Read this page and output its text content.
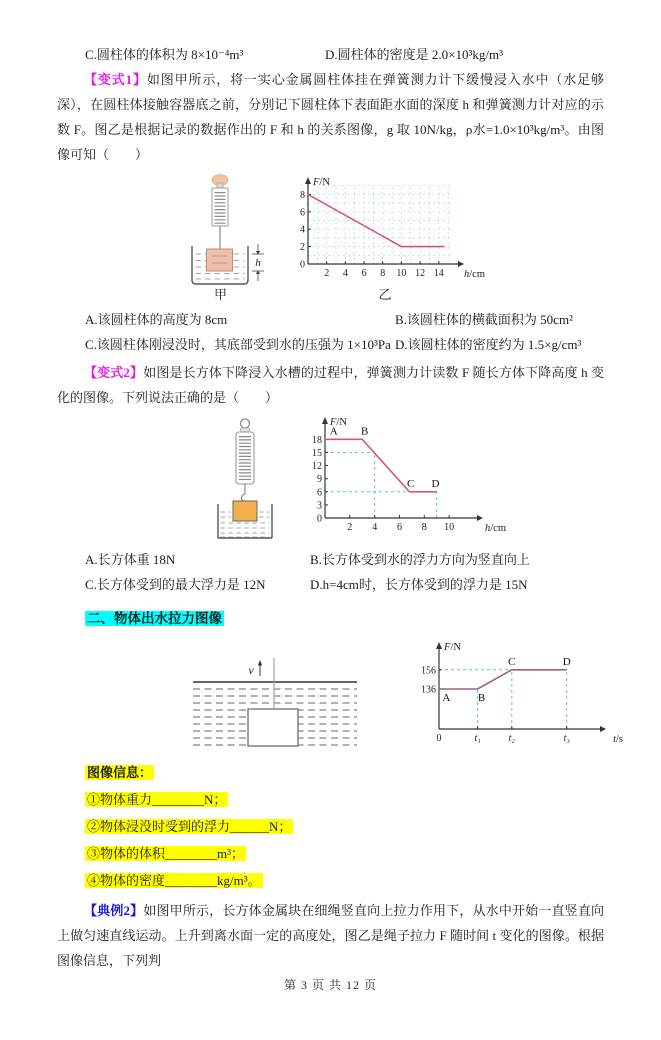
C.圆柱体的体积为 8×10⁻⁴m³	D.圆柱体的密度是 2.0×10³kg/m³

【变式1】如图甲所示，将一实心金属圆柱体挂在弹簧测力计下缓慢浸入水中（水足够深），在圆柱体接触容器底之前，分别记下圆柱体下表面距水面的深度 h 和弹簧测力计对应的示数 F。图乙是根据记录的数据作出的 F 和 h 的关系图像，g 取 10N/kg，ρ水=1.0×10³kg/m³。由图像可知（　　）

h
甲
2 4 6 8 10 12 14
0
2
4
6
8
F/N
h/cm
乙
A.该圆柱体的高度为 8cm	B.该圆柱体的横截面积为 50cm²
C.该圆柱体刚浸没时，其底部受到水的压强为 1×10³Pa D.该圆柱体的密度约为 1.5×g/cm³

【变式2】如图是长方体下降浸入水槽的过程中，弹簧测力计读数 F 随长方体下降高度 h 变化的图像。下列说法正确的是（　　）

2 4 6 8 10
0
3
6
9
12
15
18
A B
C D
F/N
h/cm
A.长方体重 18N	B.长方体受到水的浮力方向为竖直向上
C.长方体受到的最大浮力是 12N	D.h=4cm时，长方体受到的浮力是 15N
二、物体出水拉力图像
v
0	t₁	t₂	t₃
136
156
A	B
C	D
F/N
t/s
图像信息：
①物体重力________N；
②物体浸没时受到的浮力______N；
③物体的体积________m³；
④物体的密度________kg/m³。

【典例2】如图甲所示，长方体金属块在细绳竖直向上拉力作用下，从水中开始一直竖直向上做匀速直线运动。上升到离水面一定的高度处，图乙是绳子拉力 F 随时间 t 变化的图像。根据图像信息，下列判

第 3 页 共 12 页
